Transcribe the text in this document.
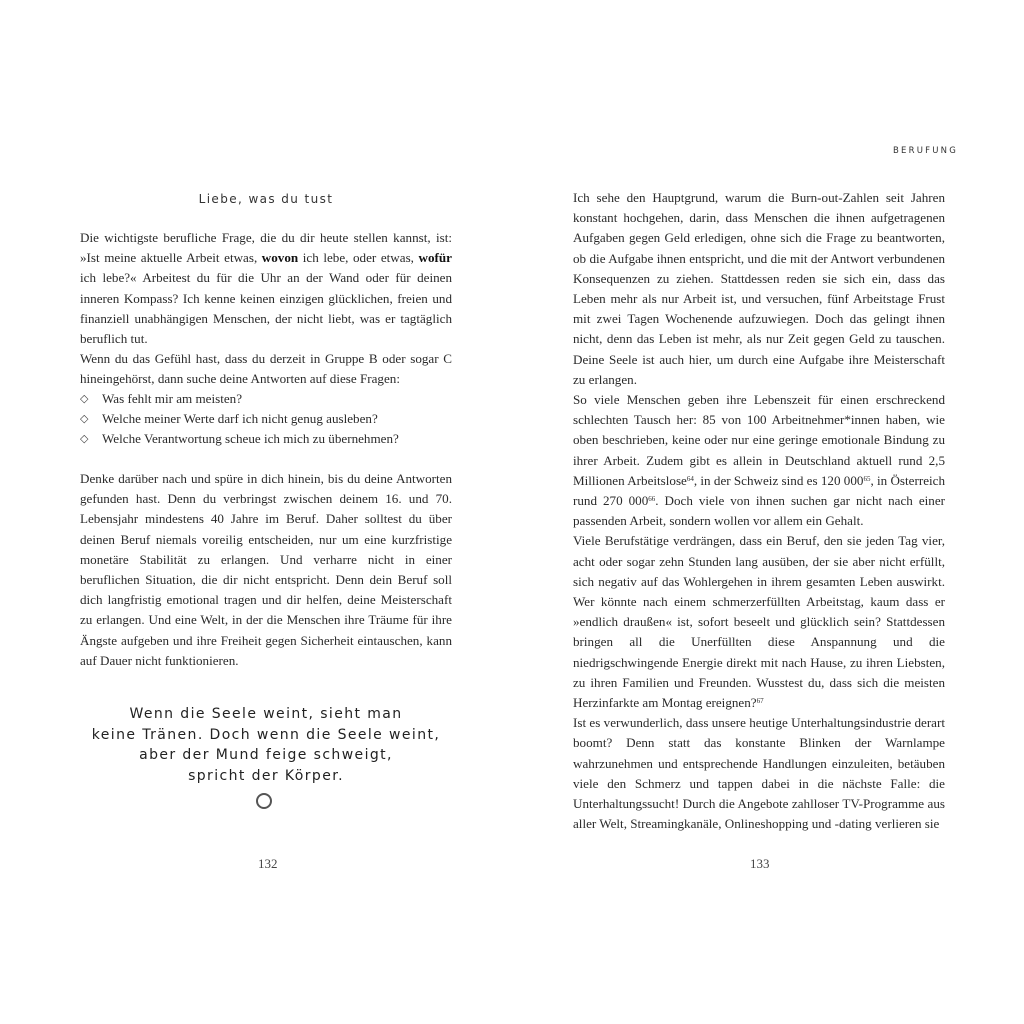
Liebe, was du tust

Die wichtigste berufliche Frage, die du dir heute stellen kannst, ist: »Ist meine aktuelle Arbeit etwas, wovon ich lebe, oder etwas, wofür ich lebe?« Arbeitest du für die Uhr an der Wand oder für deinen inneren Kompass? Ich kenne keinen einzigen glücklichen, freien und finanziell unabhängigen Menschen, der nicht liebt, was er tagtäglich beruflich tut.

Wenn du das Gefühl hast, dass du derzeit in Gruppe B oder sogar C hineingehörst, dann suche deine Antworten auf diese Fragen:

◇ Was fehlt mir am meisten?
◇ Welche meiner Werte darf ich nicht genug ausleben?
◇ Welche Verantwortung scheue ich mich zu übernehmen?

Denke darüber nach und spüre in dich hinein, bis du deine Antworten gefunden hast. Denn du verbringst zwischen deinem 16. und 70. Lebensjahr mindestens 40 Jahre im Beruf. Daher solltest du über deinen Beruf niemals voreilig entscheiden, nur um eine kurzfristige monetäre Stabilität zu erlangen. Und verharre nicht in einer beruflichen Situation, die dir nicht entspricht. Denn dein Beruf soll dich langfristig emotional tragen und dir helfen, deine Meisterschaft zu erlangen. Und eine Welt, in der die Menschen ihre Träume für ihre Ängste aufgeben und ihre Freiheit gegen Sicherheit eintauschen, kann auf Dauer nicht funktionieren.

Wenn die Seele weint, sieht man
keine Tränen. Doch wenn die Seele weint,
aber der Mund feige schweigt,
spricht der Körper.
132
BERUFUNG

Ich sehe den Hauptgrund, warum die Burn-out-Zahlen seit Jahren konstant hochgehen, darin, dass Menschen die ihnen aufgetragenen Aufgaben gegen Geld erledigen, ohne sich die Frage zu beantworten, ob die Aufgabe ihnen entspricht, und die mit der Antwort verbundenen Konsequenzen zu ziehen. Stattdessen reden sie sich ein, dass das Leben mehr als nur Arbeit ist, und versuchen, fünf Arbeitstage Frust mit zwei Tagen Wochenende aufzuwiegen. Doch das gelingt ihnen nicht, denn das Leben ist mehr, als nur Zeit gegen Geld zu tauschen. Deine Seele ist auch hier, um durch eine Aufgabe ihre Meisterschaft zu erlangen.

So viele Menschen geben ihre Lebenszeit für einen erschreckend schlechten Tausch her: 85 von 100 Arbeitnehmer*innen haben, wie oben beschrieben, keine oder nur eine geringe emotionale Bindung zu ihrer Arbeit. Zudem gibt es allein in Deutschland aktuell rund 2,5 Millionen Arbeitslose$^{64}$, in der Schweiz sind es 120 $000^{65}$, in Österreich rund 270 $000^{66}$. Doch viele von ihnen suchen gar nicht nach einer passenden Arbeit, sondern wollen vor allem ein Gehalt.

Viele Berufstätige verdrängen, dass ein Beruf, den sie jeden Tag vier, acht oder sogar zehn Stunden lang ausüben, der sie aber nicht erfüllt, sich negativ auf das Wohlergehen in ihrem gesamten Leben auswirkt. Wer könnte nach einem schmerzerfüllten Arbeitstag, kaum dass er »endlich draußen« ist, sofort beseelt und glücklich sein? Stattdessen bringen all die Unerfüllten diese Anspannung und die niedrigschwingende Energie direkt mit nach Hause, zu ihren Liebsten, zu ihren Familien und Freunden. Wusstest du, dass sich die meisten Herzinfarkte am Montag ereignen?$^{67}$

Ist es verwunderlich, dass unsere heutige Unterhaltungsindustrie derart boomt? Denn statt das konstante Blinken der Warnlampe wahrzunehmen und entsprechende Handlungen einzuleiten, betäuben viele den Schmerz und tappen dabei in die nächste Falle: die Unterhaltungssucht! Durch die Angebote zahlloser TV-Programme aus aller Welt, Streamingkanäle, Onlineshopping und -dating verlieren sie

133
